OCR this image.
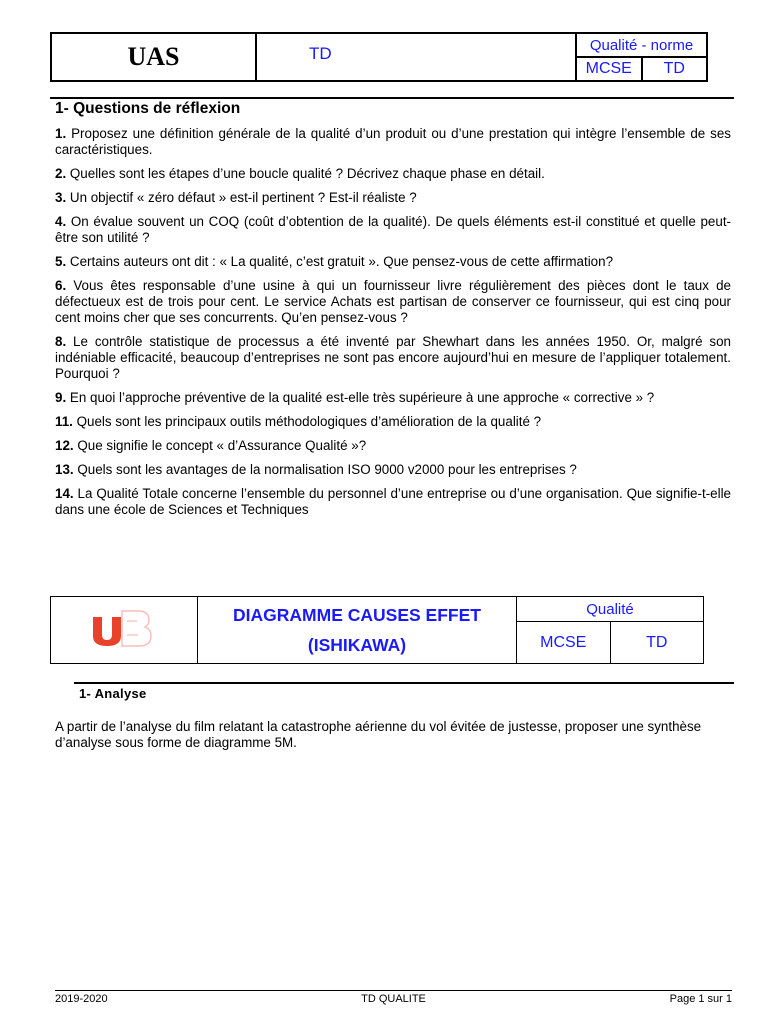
UAS	TD	Qualité - norme	
		MCSE	TD
1- Questions de réflexion

1. Proposez une définition générale de la qualité d’un produit ou d’une prestation qui intègre l’ensemble de ses caractéristiques.

2. Quelles sont les étapes d’une boucle qualité ? Décrivez chaque phase en détail.

3. Un objectif « zéro défaut » est-il pertinent ? Est-il réaliste ?

4. On évalue souvent un COQ (coût d’obtention de la qualité). De quels éléments est-il constitué et quelle peut-être son utilité ?

5. Certains auteurs ont dit : « La qualité, c’est gratuit ». Que pensez-vous de cette affirmation?

6. Vous êtes responsable d’une usine à qui un fournisseur livre régulièrement des pièces dont le taux de défectueux est de trois pour cent. Le service Achats est partisan de conserver ce fournisseur, qui est cinq pour cent moins cher que ses concurrents. Qu’en pensez-vous ?

8. Le contrôle statistique de processus a été inventé par Shewhart dans les années 1950. Or, malgré son indéniable efficacité, beaucoup d’entreprises ne sont pas encore aujourd’hui en mesure de l’appliquer totalement. Pourquoi ?

9. En quoi l’approche préventive de la qualité est-elle très supérieure à une approche « corrective » ?

11. Quels sont les principaux outils méthodologiques d’amélioration de la qualité ?

12. Que signifie le concept « d’Assurance Qualité »?

13. Quels sont les avantages de la normalisation ISO 9000 v2000 pour les entreprises ?

14. La Qualité Totale concerne l’ensemble du personnel d’une entreprise ou d’une organisation. Que signifie-t-elle dans une école de Sciences et Techniques

DIAGRAMME CAUSES EFFET
(ISHIKAWA)	Qualité	
		MCSE	TD
1- Analyse
A partir de l’analyse du film relatant la catastrophe aérienne du vol évitée de justesse, proposer une synthèse d’analyse sous forme de diagramme 5M.
2019-2020	TD QUALITE	Page 1 sur 1
